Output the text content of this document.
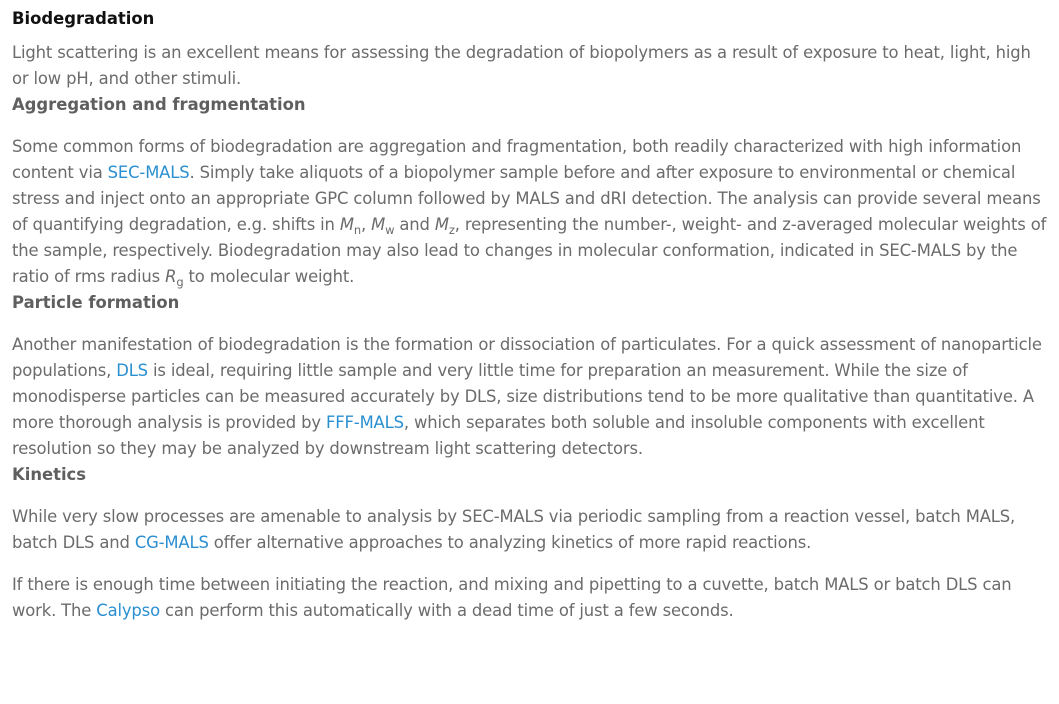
Biodegradation

Light scattering is an excellent means for assessing the degradation of biopolymers as a result of exposure to heat, light, high or low pH, and other stimuli.

Aggregation and fragmentation

Some common forms of biodegradation are aggregation and fragmentation, both readily characterized with high information content via SEC-MALS. Simply take aliquots of a biopolymer sample before and after exposure to environmental or chemical stress and inject onto an appropriate GPC column followed by MALS and dRI detection. The analysis can provide several means of quantifying degradation, e.g. shifts in $M_n$, $M_w$ and $M_z$, representing the number-, weight- and z-averaged molecular weights of the sample, respectively. Biodegradation may also lead to changes in molecular conformation, indicated in SEC-MALS by the ratio of rms radius $R_g$ to molecular weight.

Particle formation

Another manifestation of biodegradation is the formation or dissociation of particulates. For a quick assessment of nanoparticle populations, DLS is ideal, requiring little sample and very little time for preparation an measurement. While the size of monodisperse particles can be measured accurately by DLS, size distributions tend to be more qualitative than quantitative. A more thorough analysis is provided by FFF-MALS, which separates both soluble and insoluble components with excellent resolution so they may be analyzed by downstream light scattering detectors.

Kinetics

While very slow processes are amenable to analysis by SEC-MALS via periodic sampling from a reaction vessel, batch MALS, batch DLS and CG-MALS offer alternative approaches to analyzing kinetics of more rapid reactions.

If there is enough time between initiating the reaction, and mixing and pipetting to a cuvette, batch MALS or batch DLS can work. The Calypso can perform this automatically with a dead time of just a few seconds.
